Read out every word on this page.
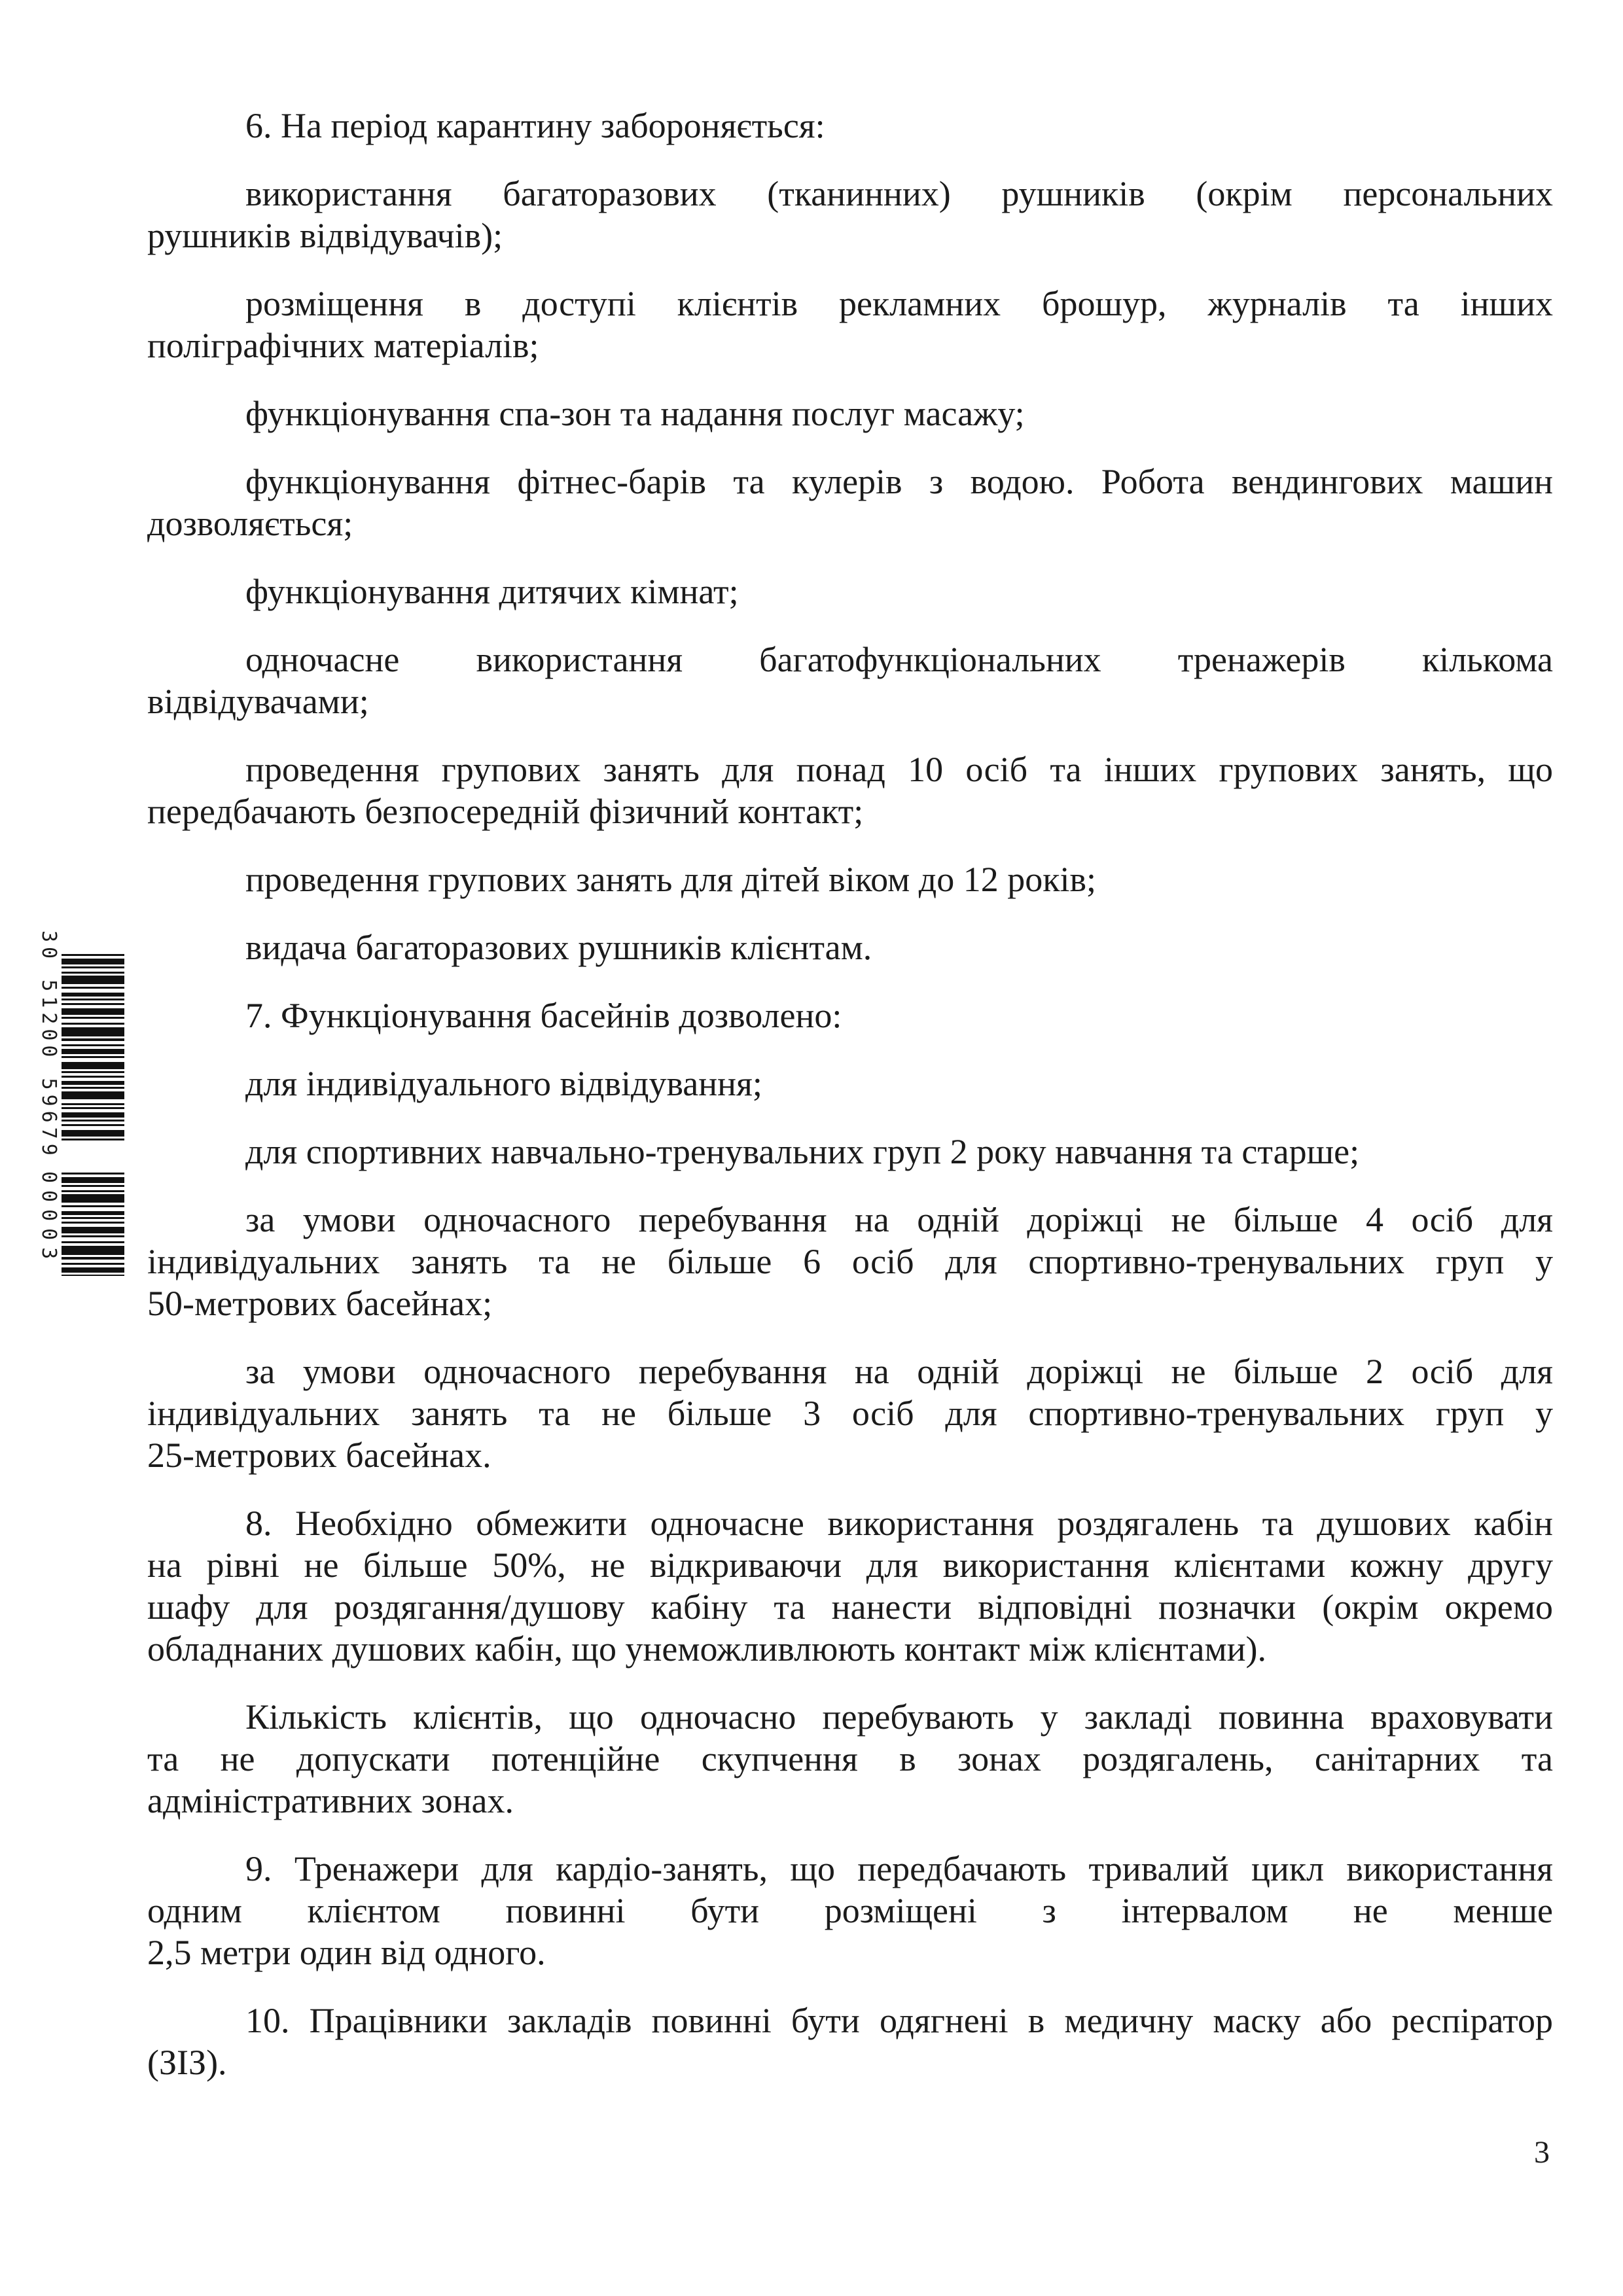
30 51200 59679
00003
6. На період карантину забороняється:
використання багаторазових (тканинних) рушників (окрім персональних
рушників відвідувачів);
розміщення в доступі клієнтів рекламних брошур, журналів та інших
поліграфічних матеріалів;
функціонування спа-зон та надання послуг масажу;
функціонування фітнес-барів та кулерів з водою. Робота вендингових машин
дозволяється;
функціонування дитячих кімнат;
одночасне використання багатофункціональних тренажерів кількома
відвідувачами;
проведення групових занять для понад 10 осіб та інших групових занять, що
передбачають безпосередній фізичний контакт;
проведення групових занять для дітей віком до 12 років;
видача багаторазових рушників клієнтам.
7. Функціонування басейнів дозволено:
для індивідуального відвідування;
для спортивних навчально-тренувальних груп 2 року навчання та старше;
за умови одночасного перебування на одній доріжці не більше 4 осіб для
індивідуальних занять та не більше 6 осіб для спортивно-тренувальних груп у
50-метрових басейнах;
за умови одночасного перебування на одній доріжці не більше 2 осіб для
індивідуальних занять та не більше 3 осіб для спортивно-тренувальних груп у
25-метрових басейнах.
8. Необхідно обмежити одночасне використання роздягалень та душових кабін
на рівні не більше 50%, не відкриваючи для використання клієнтами кожну другу
шафу для роздягання/душову кабіну та нанести відповідні позначки (окрім окремо
обладнаних душових кабін, що унеможливлюють контакт між клієнтами).
Кількість клієнтів, що одночасно перебувають у закладі повинна враховувати
та не допускати потенційне скупчення в зонах роздягалень, санітарних та
адміністративних зонах.
9. Тренажери для кардіо-занять, що передбачають тривалий цикл використання
одним клієнтом повинні бути розміщені з інтервалом не менше
2,5 метри один від одного.
10. Працівники закладів повинні бути одягнені в медичну маску або респіратор
(ЗІЗ).
3
